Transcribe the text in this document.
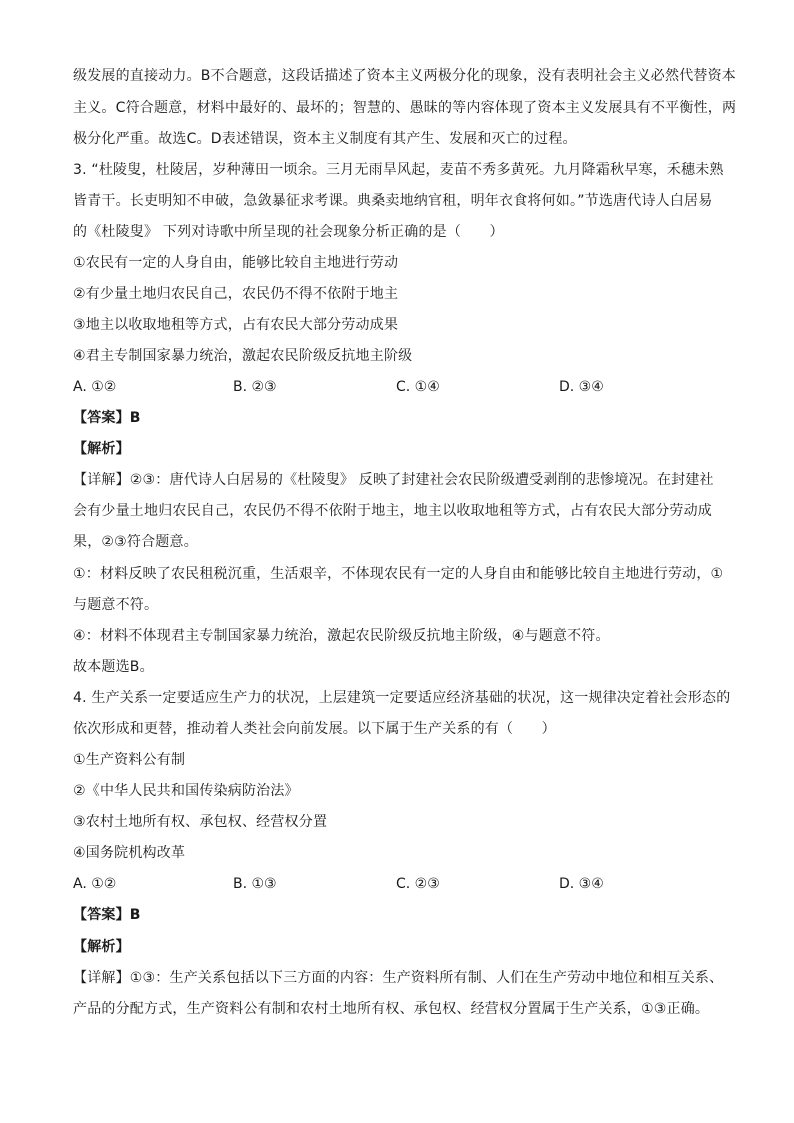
级发展的直接动力。B不合题意，这段话描述了资本主义两极分化的现象，没有表明社会主义必然代替资本
主义。C符合题意，材料中最好的、最坏的；智慧的、愚昧的等内容体现了资本主义发展具有不平衡性，两
极分化严重。故选C。D表述错误，资本主义制度有其产生、发展和灭亡的过程。
3. “杜陵叟，杜陵居，岁种薄田一顷余。三月无雨旱风起，麦苗不秀多黄死。九月降霜秋早寒，禾穗未熟
皆青干。长吏明知不申破，急敛暴征求考课。典桑卖地纳官租，明年衣食将何如。”节选唐代诗人白居易
的《杜陵叟》 下列对诗歌中所呈现的社会现象分析正确的是（　　）
①农民有一定的人身自由，能够比较自主地进行劳动
②有少量土地归农民自己，农民仍不得不依附于地主
③地主以收取地租等方式，占有农民大部分劳动成果
④君主专制国家暴力统治，激起农民阶级反抗地主阶级
A. ①②	B. ②③	C. ①④	D. ③④
【答案】B
【解析】
【详解】②③：唐代诗人白居易的《杜陵叟》 反映了封建社会农民阶级遭受剥削的悲惨境况。在封建社
会有少量土地归农民自己，农民仍不得不依附于地主，地主以收取地租等方式，占有农民大部分劳动成
果，②③符合题意。
①：材料反映了农民租税沉重，生活艰辛，不体现农民有一定的人身自由和能够比较自主地进行劳动，①
与题意不符。
④：材料不体现君主专制国家暴力统治，激起农民阶级反抗地主阶级，④与题意不符。
故本题选B。
4. 生产关系一定要适应生产力的状况，上层建筑一定要适应经济基础的状况，这一规律决定着社会形态的
依次形成和更替，推动着人类社会向前发展。以下属于生产关系的有（　　）
①生产资料公有制
②《中华人民共和国传染病防治法》
③农村土地所有权、承包权、经营权分置
④国务院机构改革
A. ①②	B. ①③	C. ②③	D. ③④
【答案】B
【解析】
【详解】①③：生产关系包括以下三方面的内容：生产资料所有制、人们在生产劳动中地位和相互关系、
产品的分配方式，生产资料公有制和农村土地所有权、承包权、经营权分置属于生产关系，①③正确。
